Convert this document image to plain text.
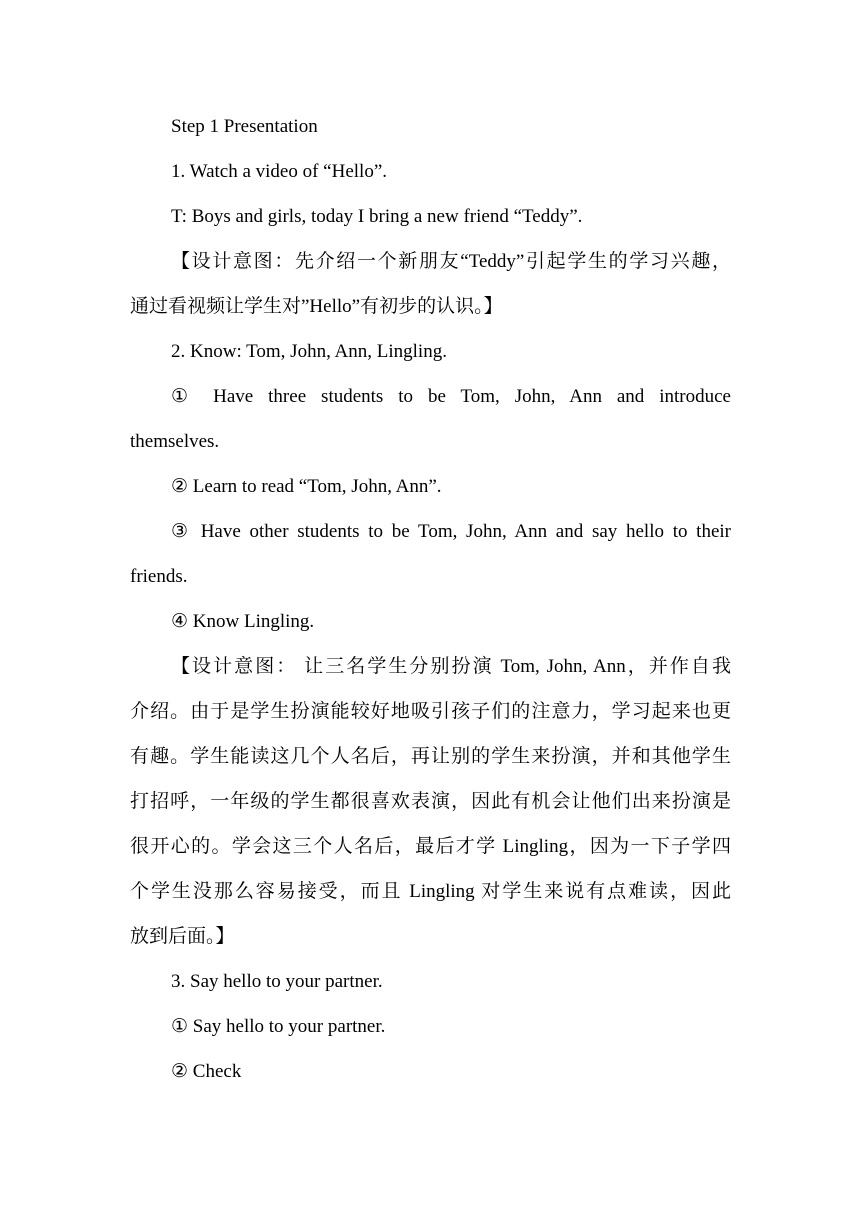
Step 1 Presentation
1. Watch a video of “Hello”.
T: Boys and girls, today I bring a new friend “Teddy”.
【设计意图：先介绍一个新朋友“Teddy”引起学生的学习兴趣，
通过看视频让学生对”Hello”有初步的认识。】
2. Know: Tom, John, Ann, Lingling.
① Have three students to be Tom, John, Ann and introduce
themselves.
② Learn to read “Tom, John, Ann”.
③ Have other students to be Tom, John, Ann and say hello to their
friends.
④ Know Lingling.
【设计意图： 让三名学生分别扮演 Tom, John, Ann，并作自我
介绍。由于是学生扮演能较好地吸引孩子们的注意力，学习起来也更
有趣。学生能读这几个人名后，再让别的学生来扮演，并和其他学生
打招呼，一年级的学生都很喜欢表演，因此有机会让他们出来扮演是
很开心的。学会这三个人名后，最后才学 Lingling，因为一下子学四
个学生没那么容易接受，而且 Lingling 对学生来说有点难读，因此
放到后面。】
3. Say hello to your partner.
① Say hello to your partner.
② Check
